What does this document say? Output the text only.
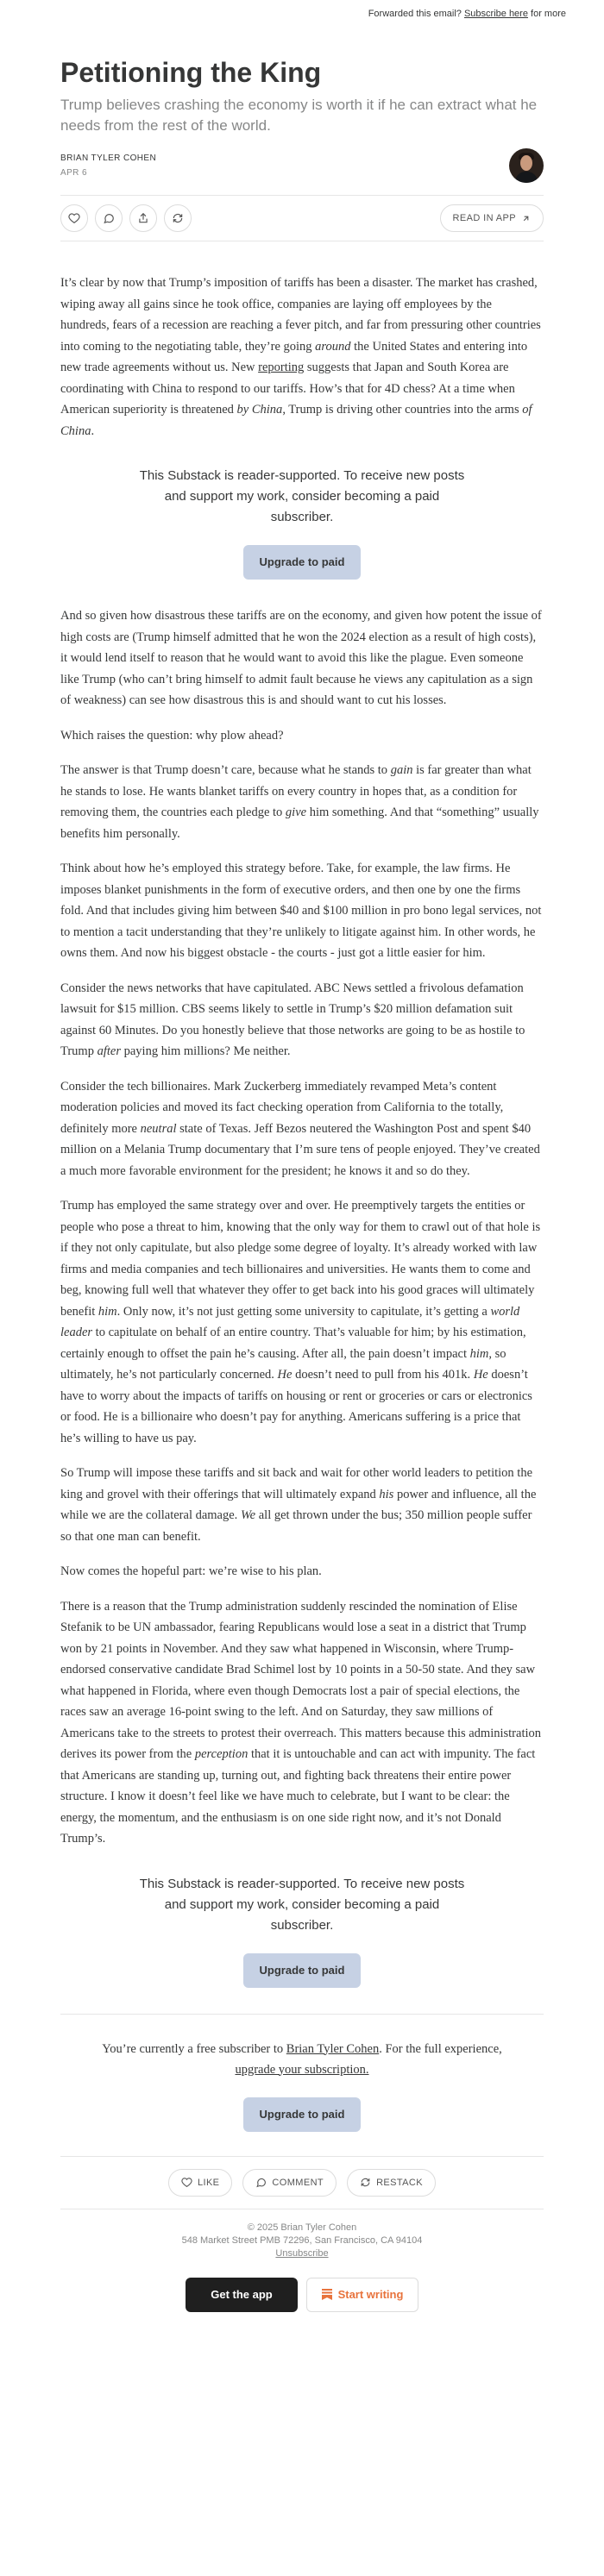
Forwarded this email? Subscribe here for more
Petitioning the King
Trump believes crashing the economy is worth it if he can extract what he needs from the rest of the world.
BRIAN TYLER COHEN
APR 6
READ IN APP

It’s clear by now that Trump’s imposition of tariffs has been a disaster. The market has crashed, wiping away all gains since he took office, companies are laying off employees by the hundreds, fears of a recession are reaching a fever pitch, and far from pressuring other countries into coming to the negotiating table, they’re going around the United States and entering into new trade agreements without us. New reporting suggests that Japan and South Korea are coordinating with China to respond to our tariffs. How’s that for 4D chess? At a time when American superiority is threatened by China, Trump is driving other countries into the arms of China.

This Substack is reader-supported. To receive new posts and support my work, consider becoming a paid subscriber.
Upgrade to paid

And so given how disastrous these tariffs are on the economy, and given how potent the issue of high costs are (Trump himself admitted that he won the 2024 election as a result of high costs), it would lend itself to reason that he would want to avoid this like the plague. Even someone like Trump (who can’t bring himself to admit fault because he views any capitulation as a sign of weakness) can see how disastrous this is and should want to cut his losses.

Which raises the question: why plow ahead?

The answer is that Trump doesn’t care, because what he stands to gain is far greater than what he stands to lose. He wants blanket tariffs on every country in hopes that, as a condition for removing them, the countries each pledge to give him something. And that “something” usually benefits him personally.

Think about how he’s employed this strategy before. Take, for example, the law firms. He imposes blanket punishments in the form of executive orders, and then one by one the firms fold. And that includes giving him between $40 and $100 million in pro bono legal services, not to mention a tacit understanding that they’re unlikely to litigate against him. In other words, he owns them. And now his biggest obstacle - the courts - just got a little easier for him.

Consider the news networks that have capitulated. ABC News settled a frivolous defamation lawsuit for $15 million. CBS seems likely to settle in Trump’s $20 million defamation suit against 60 Minutes. Do you honestly believe that those networks are going to be as hostile to Trump after paying him millions? Me neither.

Consider the tech billionaires. Mark Zuckerberg immediately revamped Meta’s content moderation policies and moved its fact checking operation from California to the totally, definitely more neutral state of Texas. Jeff Bezos neutered the Washington Post and spent $40 million on a Melania Trump documentary that I’m sure tens of people enjoyed. They’ve created a much more favorable environment for the president; he knows it and so do they.

Trump has employed the same strategy over and over. He preemptively targets the entities or people who pose a threat to him, knowing that the only way for them to crawl out of that hole is if they not only capitulate, but also pledge some degree of loyalty. It’s already worked with law firms and media companies and tech billionaires and universities. He wants them to come and beg, knowing full well that whatever they offer to get back into his good graces will ultimately benefit him. Only now, it’s not just getting some university to capitulate, it’s getting a world leader to capitulate on behalf of an entire country. That’s valuable for him; by his estimation, certainly enough to offset the pain he’s causing. After all, the pain doesn’t impact him, so ultimately, he’s not particularly concerned. He doesn’t need to pull from his 401k. He doesn’t have to worry about the impacts of tariffs on housing or rent or groceries or cars or electronics or food. He is a billionaire who doesn’t pay for anything. Americans suffering is a price that he’s willing to have us pay.

So Trump will impose these tariffs and sit back and wait for other world leaders to petition the king and grovel with their offerings that will ultimately expand his power and influence, all the while we are the collateral damage. We all get thrown under the bus; 350 million people suffer so that one man can benefit.

Now comes the hopeful part: we’re wise to his plan.

There is a reason that the Trump administration suddenly rescinded the nomination of Elise Stefanik to be UN ambassador, fearing Republicans would lose a seat in a district that Trump won by 21 points in November. And they saw what happened in Wisconsin, where Trump-endorsed conservative candidate Brad Schimel lost by 10 points in a 50-50 state. And they saw what happened in Florida, where even though Democrats lost a pair of special elections, the races saw an average 16-point swing to the left. And on Saturday, they saw millions of Americans take to the streets to protest their overreach. This matters because this administration derives its power from the perception that it is untouchable and can act with impunity. The fact that Americans are standing up, turning out, and fighting back threatens their entire power structure. I know it doesn’t feel like we have much to celebrate, but I want to be clear: the energy, the momentum, and the enthusiasm is on one side right now, and it’s not Donald Trump’s.

This Substack is reader-supported. To receive new posts and support my work, consider becoming a paid subscriber.
Upgrade to paid
You’re currently a free subscriber to Brian Tyler Cohen. For the full experience, upgrade your subscription.
Upgrade to paid
LIKE	COMMENT	RESTACK
© 2025 Brian Tyler Cohen
548 Market Street PMB 72296, San Francisco, CA 94104
Unsubscribe
Get the app	Start writing
